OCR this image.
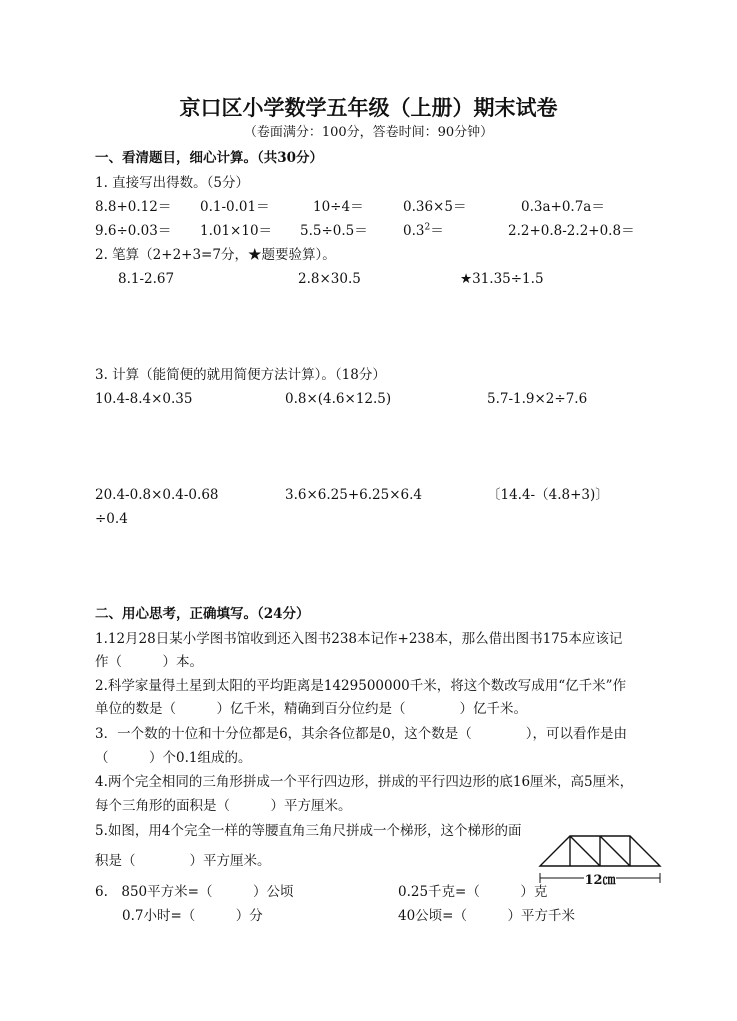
京口区小学数学五年级（上册）期末试卷
（卷面满分：100分，答卷时间：90分钟）
一、看清题目，细心计算。（共30分）
1. 直接写出得数。（5分）
8.8+0.12＝ 0.1-0.01＝	10÷4＝	0.36×5＝	0.3a+0.7a＝
9.6÷0.03＝ 1.01×10＝ 5.5÷0.5＝	$0.3^2=$	2.2+0.8-2.2+0.8＝
2. 笔算（2+2+3=7分，★题要验算）。
8.1-2.67	2.8×30.5	★31.35÷1.5
3. 计算（能简便的就用简便方法计算）。（18分）
10.4-8.4×0.35	0.8×(4.6×12.5)	5.7-1.9×2÷7.6
20.4-0.8×0.4-0.68	3.6×6.25+6.25×6.4	〔14.4-（4.8+3)〕
÷0.4
二、用心思考，正确填写。（24分）
1.12月28日某小学图书馆收到还入图书238本记作+238本，那么借出图书175本应该记
作（　　　）本。
2.科学家量得土星到太阳的平均距离是1429500000千米，将这个数改写成用“亿千米”作
单位的数是（　　　）亿千米，精确到百分位约是（　　　　）亿千米。
3．一个数的十位和十分位都是6，其余各位都是0，这个数是（　　　　），可以看作是由
（　　　）个0.1组成的。
4.两个完全相同的三角形拼成一个平行四边形，拼成的平行四边形的底16厘米，高5厘米，
每个三角形的面积是（　　　）平方厘米。
5.如图，用4个完全一样的等腰直角三角尺拼成一个梯形，这个梯形的面
积是（　　　　）平方厘米。
6.　850平方米=（　　　）公顷	0.25千克=（　　　）克
0.7小时=（　　　）分	40公顷=（　　　）平方千米
12㎝
